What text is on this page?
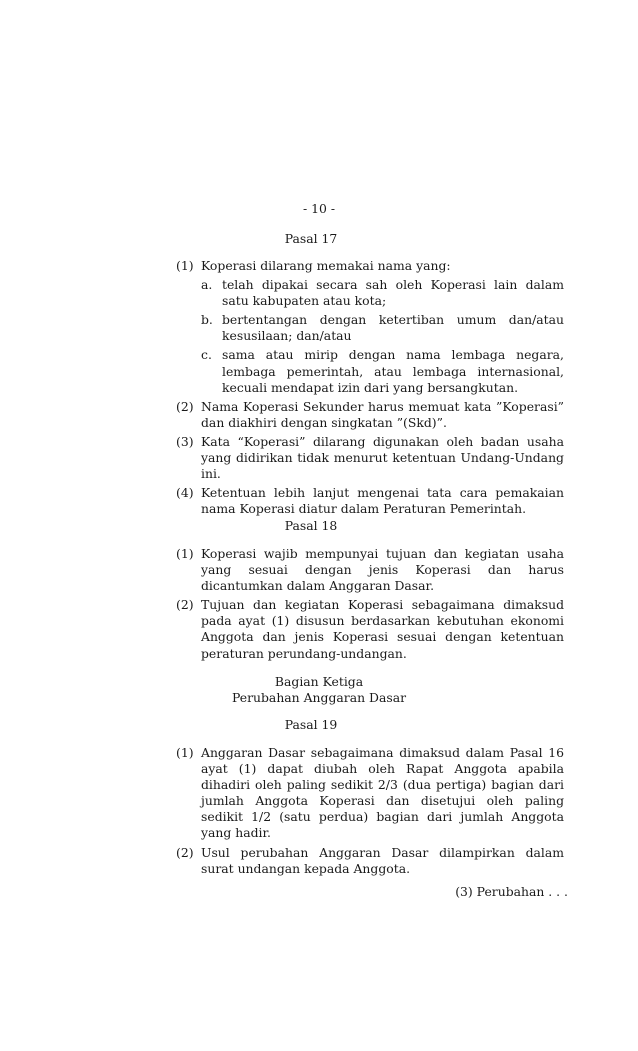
- 10 -
Pasal 17
(1) Koperasi dilarang memakai nama yang:
a. telah dipakai secara sah oleh Koperasi lain dalam satu kabupaten atau kota;
b. bertentangan dengan ketertiban umum dan/atau kesusilaan; dan/atau
c. sama atau mirip dengan nama lembaga negara, lembaga pemerintah, atau lembaga internasional, kecuali mendapat izin dari yang bersangkutan.
(2) Nama Koperasi Sekunder harus memuat kata ”Koperasi” dan diakhiri dengan singkatan ”(Skd)”.
(3) Kata “Koperasi” dilarang digunakan oleh badan usaha yang didirikan tidak menurut ketentuan Undang-Undang ini.
(4) Ketentuan lebih lanjut mengenai tata cara pemakaian nama Koperasi diatur dalam Peraturan Pemerintah.
Pasal 18
(1) Koperasi wajib mempunyai tujuan dan kegiatan usaha yang sesuai dengan jenis Koperasi dan harus dicantumkan dalam Anggaran Dasar.
(2) Tujuan dan kegiatan Koperasi sebagaimana dimaksud pada ayat (1) disusun berdasarkan kebutuhan ekonomi Anggota dan jenis Koperasi sesuai dengan ketentuan peraturan perundang-undangan.
Bagian Ketiga
Perubahan Anggaran Dasar
Pasal 19
(1) Anggaran Dasar sebagaimana dimaksud dalam Pasal 16 ayat (1) dapat diubah oleh Rapat Anggota apabila dihadiri oleh paling sedikit 2/3 (dua pertiga) bagian dari jumlah Anggota Koperasi dan disetujui oleh paling sedikit 1/2 (satu perdua) bagian dari jumlah Anggota yang hadir.
(2) Usul perubahan Anggaran Dasar dilampirkan dalam surat undangan kepada Anggota.
(3) Perubahan . . .
